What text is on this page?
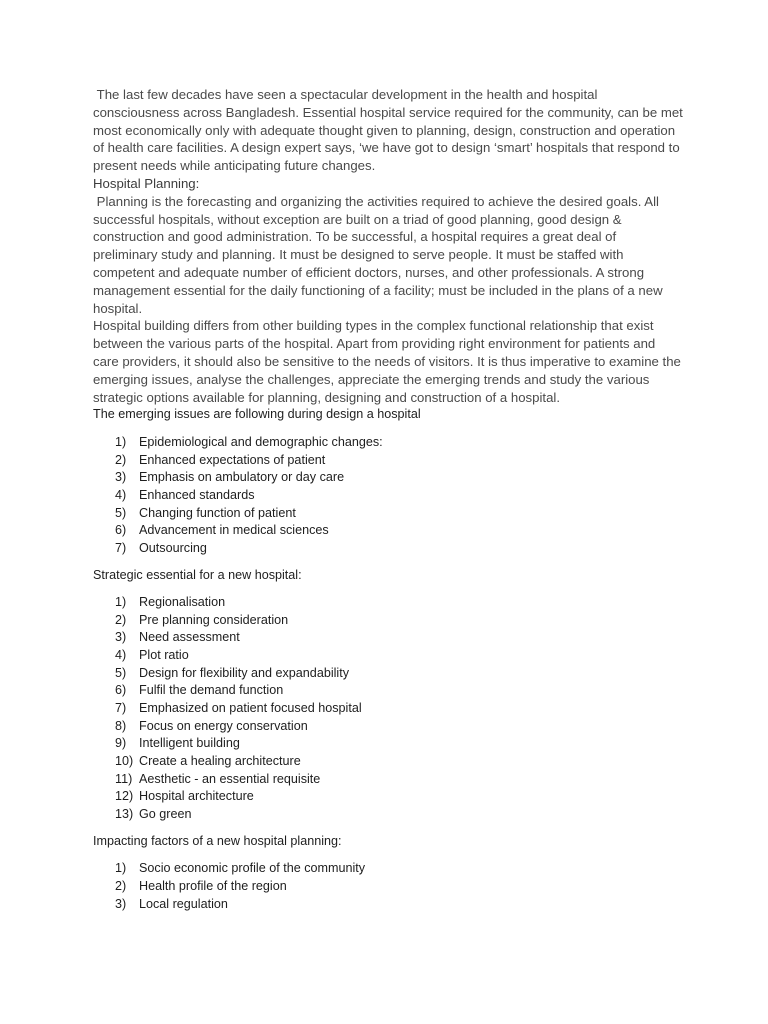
The last few decades have seen a spectacular development in the health and hospital consciousness across Bangladesh. Essential hospital service required for the community, can be met most economically only with adequate thought given to planning, design, construction and operation of health care facilities. A design expert says, ‘we have got to design ‘smart’ hospitals that respond to present needs while anticipating future changes.

Hospital Planning:

Planning is the forecasting and organizing the activities required to achieve the desired goals. All successful hospitals, without exception are built on a triad of good planning, good design & construction and good administration. To be successful, a hospital requires a great deal of preliminary study and planning. It must be designed to serve people. It must be staffed with competent and adequate number of efficient doctors, nurses, and other professionals. A strong management essential for the daily functioning of a facility; must be included in the plans of a new hospital.

Hospital building differs from other building types in the complex functional relationship that exist between the various parts of the hospital. Apart from providing right environment for patients and care providers, it should also be sensitive to the needs of visitors. It is thus imperative to examine the emerging issues, analyse the challenges, appreciate the emerging trends and study the various strategic options available for planning, designing and construction of a hospital.

The emerging issues are following during design a hospital

1) Epidemiological and demographic changes:
2) Enhanced expectations of patient
3) Emphasis on ambulatory or day care
4) Enhanced standards
5) Changing function of patient
6) Advancement in medical sciences
7) Outsourcing

Strategic essential for a new hospital:

1) Regionalisation
2) Pre planning consideration
3) Need assessment
4) Plot ratio
5) Design for flexibility and expandability
6) Fulfil the demand function
7) Emphasized on patient focused hospital
8) Focus on energy conservation
9) Intelligent building
10) Create a healing architecture
11) Aesthetic - an essential requisite
12) Hospital architecture
13) Go green

Impacting factors of a new hospital planning:

1) Socio economic profile of the community
2) Health profile of the region
3) Local regulation
